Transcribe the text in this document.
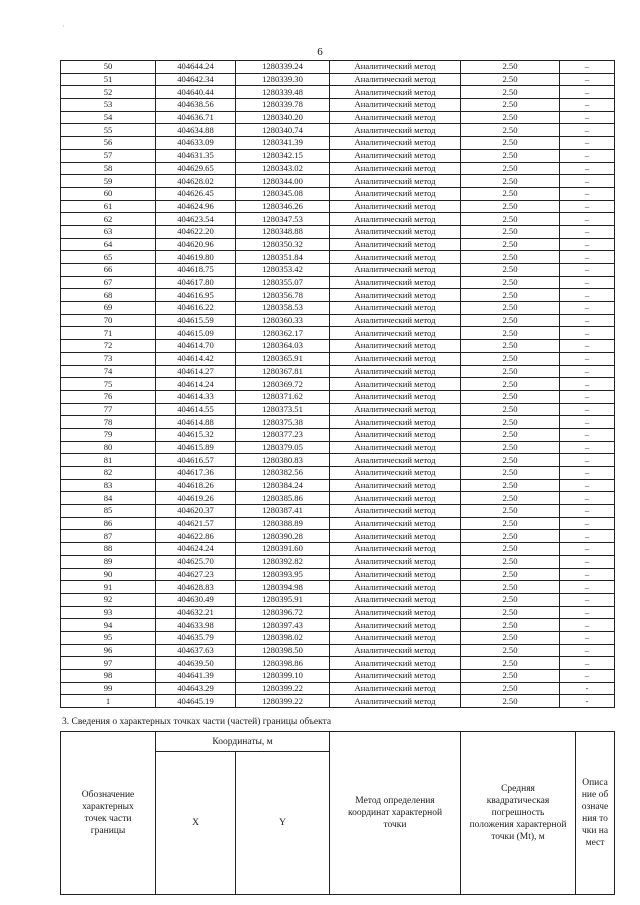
·
6
50	404644.24	1280339.24	Аналитический метод	2.50	–
51	404642.34	1280339.30	Аналитический метод	2.50	–
52	404640.44	1280339.48	Аналитический метод	2.50	–
53	404638.56	1280339.78	Аналитический метод	2.50	–
54	404636.71	1280340.20	Аналитический метод	2.50	–
55	404634.88	1280340.74	Аналитический метод	2.50	–
56	404633.09	1280341.39	Аналитический метод	2.50	–
57	404631.35	1280342.15	Аналитический метод	2.50	–
58	404629.65	1280343.02	Аналитический метод	2.50	–
59	404628.02	1280344.00	Аналитический метод	2.50	–
60	404626.45	1280345.08	Аналитический метод	2.50	–
61	404624.96	1280346.26	Аналитический метод	2.50	–
62	404623.54	1280347.53	Аналитический метод	2.50	–
63	404622.20	1280348.88	Аналитический метод	2.50	–
64	404620.96	1280350.32	Аналитический метод	2.50	–
65	404619.80	1280351.84	Аналитический метод	2.50	–
66	404618.75	1280353.42	Аналитический метод	2.50	–
67	404617.80	1280355.07	Аналитический метод	2.50	–
68	404616.95	1280356.78	Аналитический метод	2.50	–
69	404616.22	1280358.53	Аналитический метод	2.50	–
70	404615.59	1280360.33	Аналитический метод	2.50	–
71	404615.09	1280362.17	Аналитический метод	2.50	–
72	404614.70	1280364.03	Аналитический метод	2.50	–
73	404614.42	1280365.91	Аналитический метод	2.50	–
74	404614.27	1280367.81	Аналитический метод	2.50	–
75	404614.24	1280369.72	Аналитический метод	2.50	–
76	404614.33	1280371.62	Аналитический метод	2.50	–
77	404614.55	1280373.51	Аналитический метод	2.50	–
78	404614.88	1280375.38	Аналитический метод	2.50	–
79	404615.32	1280377.23	Аналитический метод	2.50	–
80	404615.89	1280379.05	Аналитический метод	2.50	–
81	404616.57	1280380.83	Аналитический метод	2.50	–
82	404617.36	1280382.56	Аналитический метод	2.50	–
83	404618.26	1280384.24	Аналитический метод	2.50	–
84	404619.26	1280385.86	Аналитический метод	2.50	–
85	404620.37	1280387.41	Аналитический метод	2.50	–
86	404621.57	1280388.89	Аналитический метод	2.50	–
87	404622.86	1280390.28	Аналитический метод	2.50	–
88	404624.24	1280391.60	Аналитический метод	2.50	–
89	404625.70	1280392.82	Аналитический метод	2.50	–
90	404627.23	1280393.95	Аналитический метод	2.50	–
91	404628.83	1280394.98	Аналитический метод	2.50	–
92	404630.49	1280395.91	Аналитический метод	2.50	–
93	404632.21	1280396.72	Аналитический метод	2.50	–
94	404633.98	1280397.43	Аналитический метод	2.50	–
95	404635.79	1280398.02	Аналитический метод	2.50	–
96	404637.63	1280398.50	Аналитический метод	2.50	–
97	404639.50	1280398.86	Аналитический метод	2.50	–
98	404641.39	1280399.10	Аналитический метод	2.50	–
99	404643.29	1280399.22	Аналитический метод	2.50	-
1	404645.19	1280399.22	Аналитический метод	2.50	-
3. Сведения о характерных точках части (частей) границы объекта
Обозначение характерных точек части границы	Координаты, м		Метод определения координат характерной точки	Средняя квадратическая погрешность положения характерной точки (Mt), м	Описание обозначения точки на мест
	X	Y			
